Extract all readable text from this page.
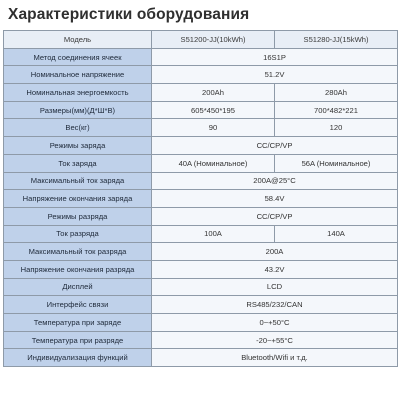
Характеристики оборудования
Модель	S51200-JJ(10kWh)	S51280-JJ(15kWh)
Метод соединения ячеек	16S1P	
Номинальное напряжение	51.2V	
Номинальная энергоемкость	200Ah	280Ah
Размеры(мм)(Д*Ш*В)	605*450*195	700*482*221
Вес(кг)	90	120
Режимы заряда	CC/CP/VP	
Ток заряда	40A (Номинальное)	56A (Номинальное)
Максимальный ток заряда	200A@25°C	
Напряжение окончания заряда	58.4V	
Режимы разряда	CC/CP/VP	
Ток разряда	100A	140A
Максимальный ток разряда	200A	
Напряжение окончания разряда	43.2V	
Дисплей	LCD	
Интерфейс связи	RS485/232/CAN	
Температура при заряде	0~+50°C	
Температура при разряде	-20~+55°C	
Индивидуализация функций	Bluetooth/Wifi и т.д.	
